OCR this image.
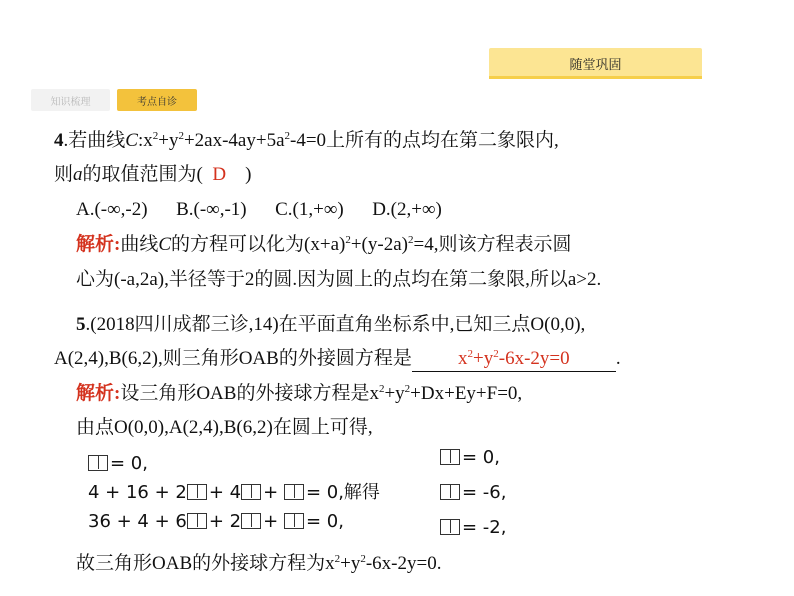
随堂巩固
知识梳理	考点自诊
4.若曲线$C:x^2+y^2+2ax-4ay+5a^2-4=0$上所有的点均在第二象限内,
则a的取值范围为( D )
A.(-∞,-2)      B.(-∞,-1)      C.(1,+∞)      D.(2,+∞)
解析:曲线C的方程可以化为$(x+a)^2+(y-2a)^2=4$,则该方程表示圆
心为(-a,2a),半径等于2的圆.因为圆上的点均在第二象限,所以a>2.
5.(2018四川成都三诊,14)在平面直角坐标系中,已知三点O(0,0),
A(2,4),B(6,2),则三角形OAB的外接圆方程是 $x^2+y^2-6x-2y=0$ .
解析:设三角形OAB的外接球方程是$x^2+y^2+Dx+Ey+F=0$,
由点O(0,0),A(2,4),B(6,2)在圆上可得,
= 0,
4 + 16 + 2 + 4 + = 0,解得
36 + 4 + 6 + 2 + = 0,
= 0,
= -6,
= -2,
故三角形OAB的外接球方程为$x^2+y^2-6x-2y=0$.
